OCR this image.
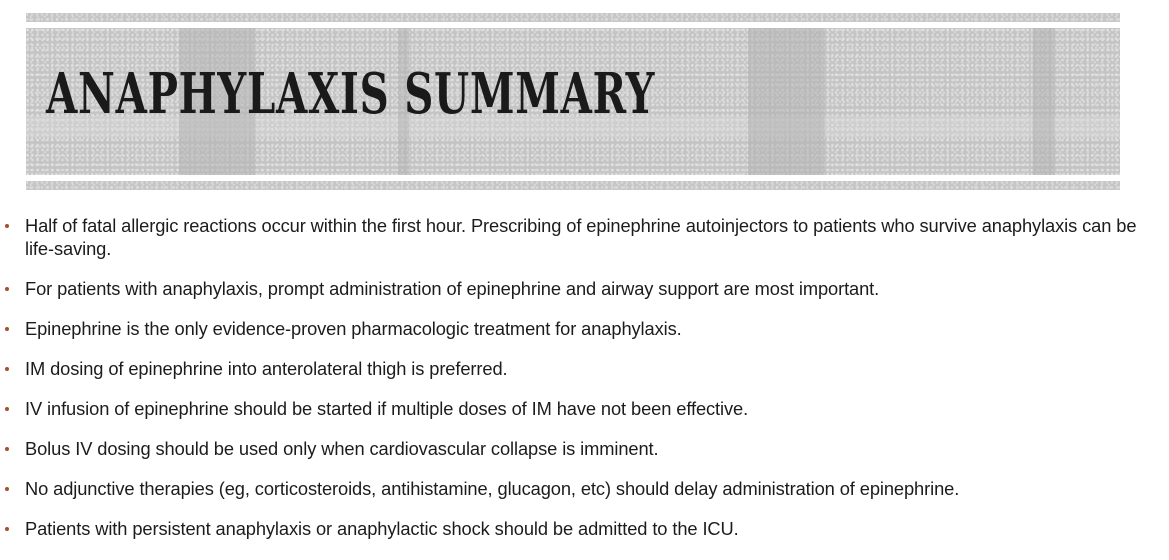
ANAPHYLAXIS SUMMARY
Half of fatal allergic reactions occur within the first hour. Prescribing of epinephrine autoinjectors to patients who survive anaphylaxis can be life-saving.
For patients with anaphylaxis, prompt administration of epinephrine and airway support are most important.
Epinephrine is the only evidence-proven pharmacologic treatment for anaphylaxis.
IM dosing of epinephrine into anterolateral thigh is preferred.
IV infusion of epinephrine should be started if multiple doses of IM have not been effective.
Bolus IV dosing should be used only when cardiovascular collapse is imminent.
No adjunctive therapies (eg, corticosteroids, antihistamine, glucagon, etc) should delay administration of epinephrine.
Patients with persistent anaphylaxis or anaphylactic shock should be admitted to the ICU.
